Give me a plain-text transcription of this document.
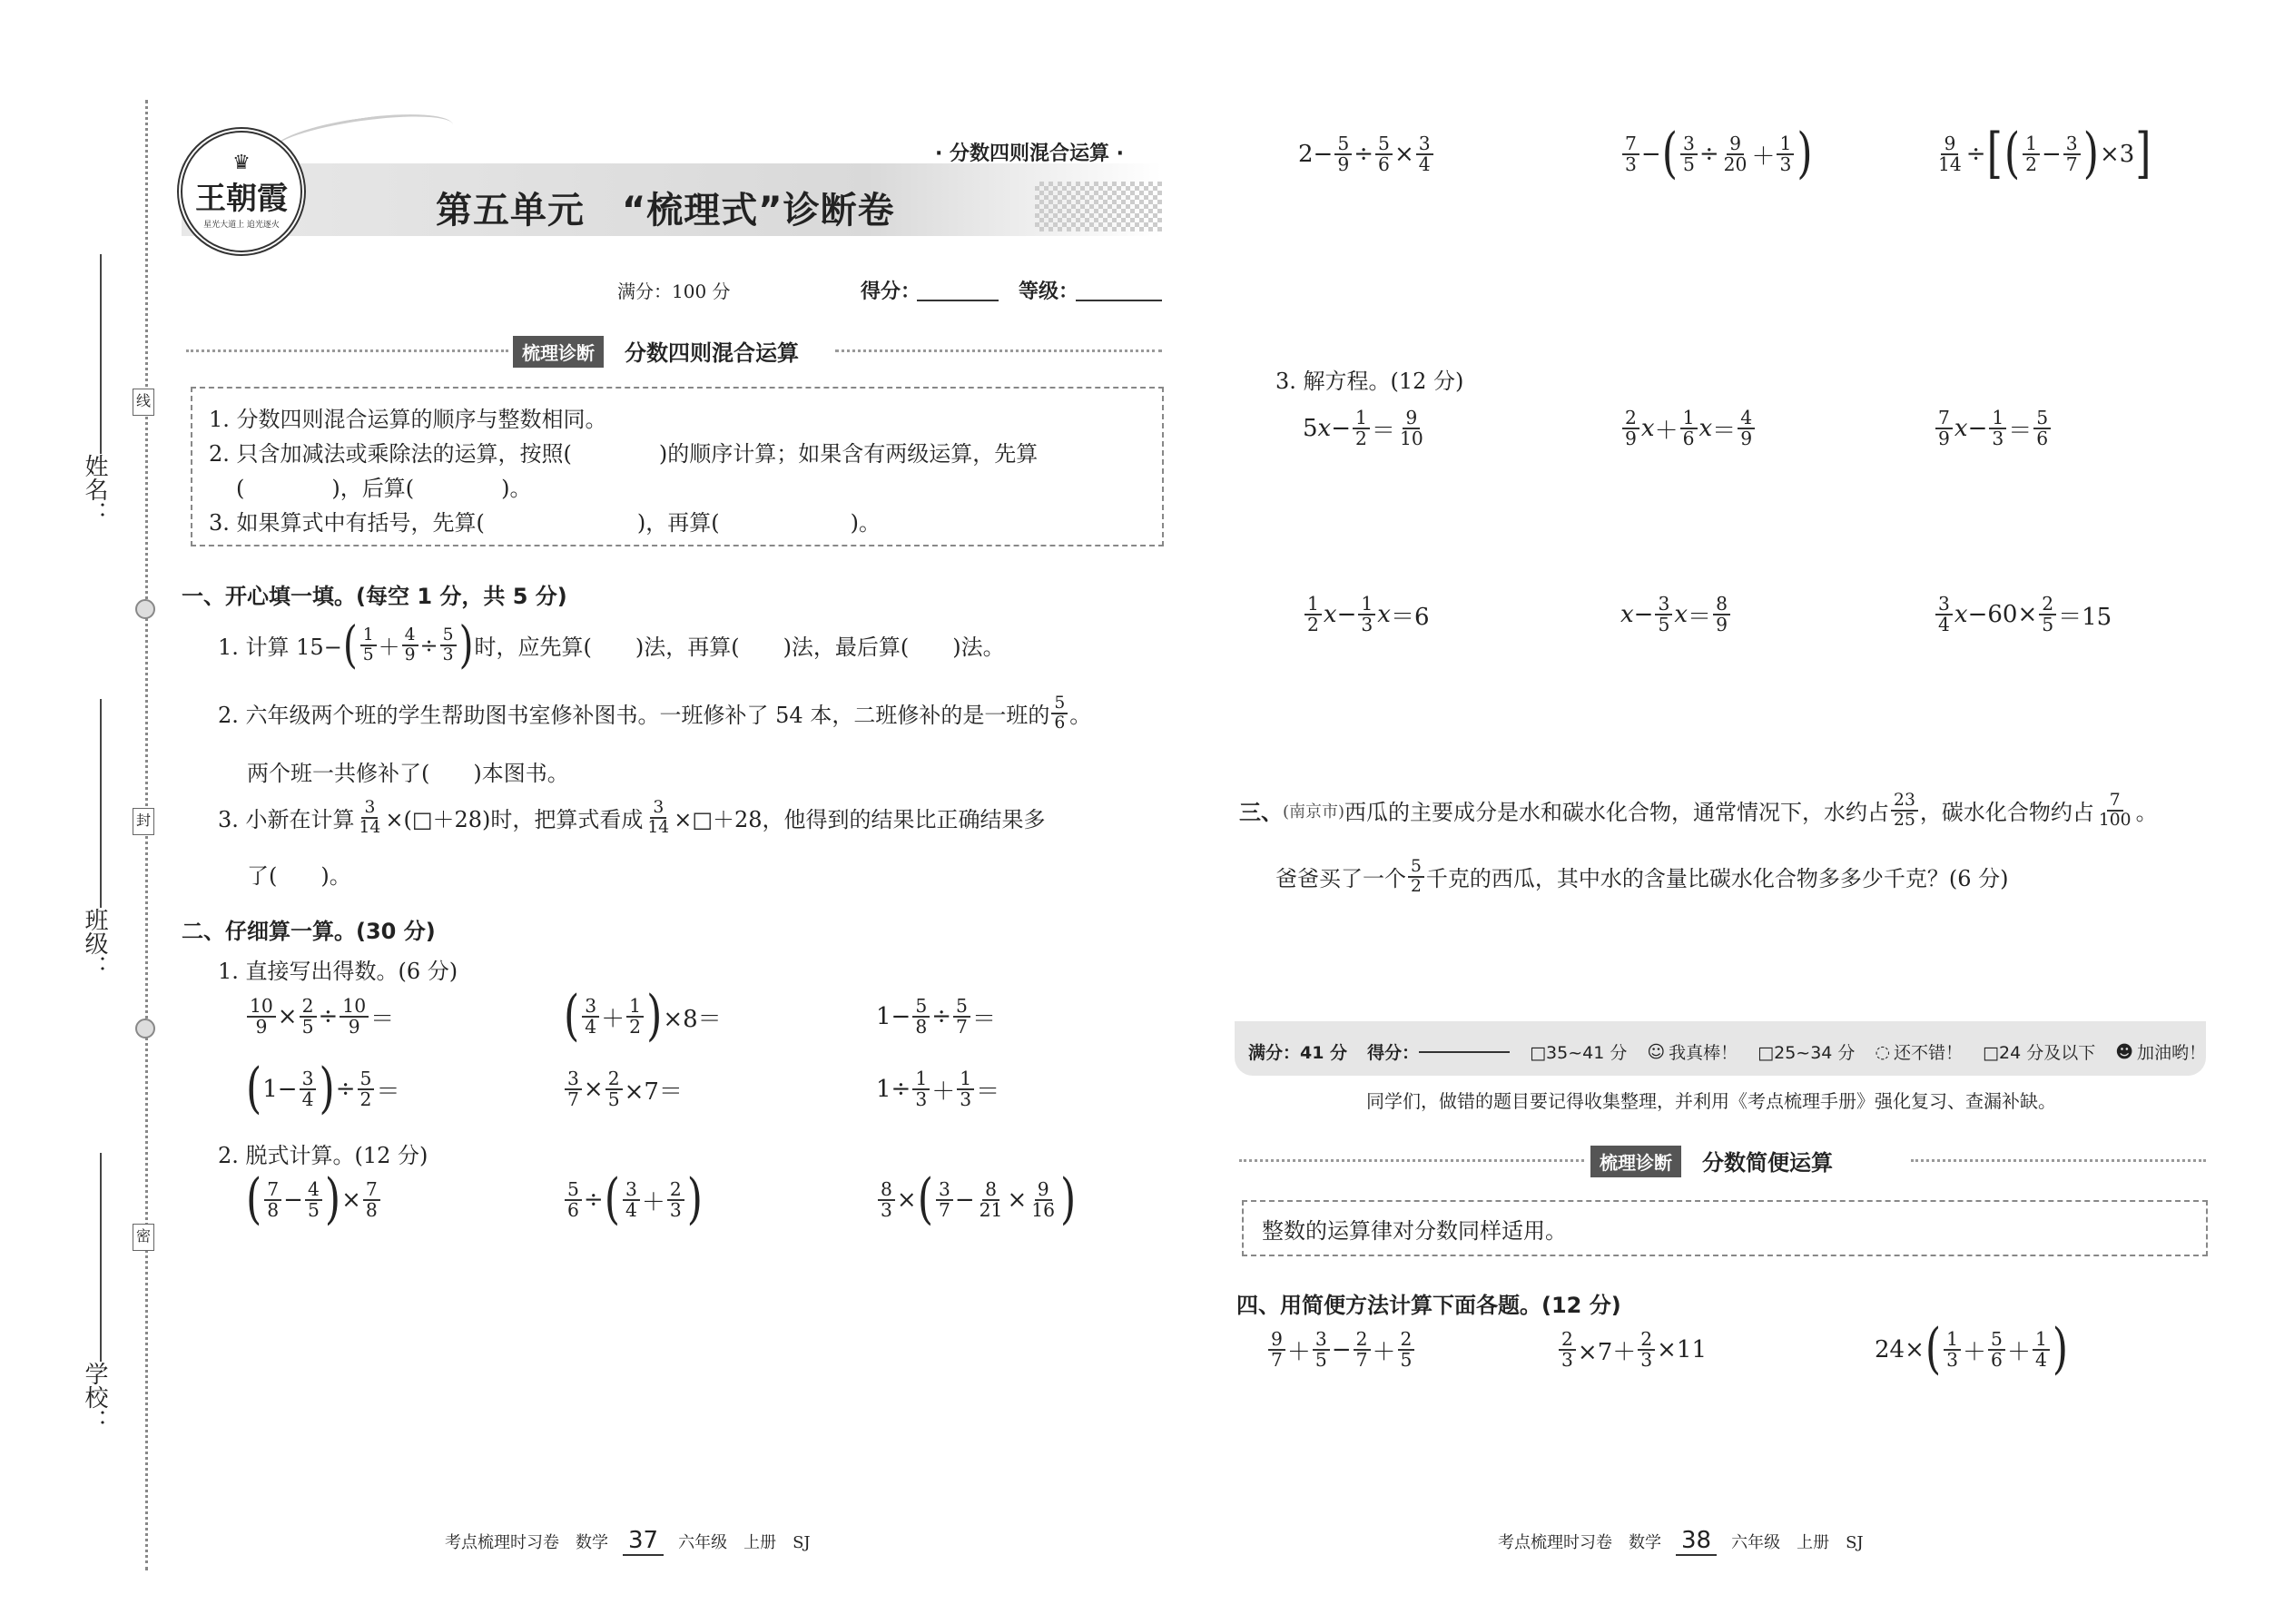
姓名：
班级：
学校：
线
封
密
♛
王朝霞
星光大道上 追光逐火
· 分数四则混合运算 ·
第五单元　“梳理式”诊断卷
满分：100 分	得分：	等级：
梳理诊断	分数四则混合运算
1. 分数四则混合运算的顺序与整数相同。
2. 只含加减法或乘除法的运算，按照(　　　　)的顺序计算；如果含有两级运算，先算
(　　　　)，后算(　　　　)。
3. 如果算式中有括号，先算(　　　　　　　)，再算(　　　　　　)。
一、开心填一填。(每空 1 分，共 5 分)
1. 计算 15− ( $\frac{1}{5} + \frac{4}{9} \div \frac{5}{3}$ ) 时，应先算(　　)法，再算(　　)法，最后算(　　)法。
2. 六年级两个班的学生帮助图书室修补图书。一班修补了 54 本，二班修补的是一班的 $\frac{5}{6}$ 。
两个班一共修补了(　　)本图书。
3. 小新在计算 $\frac{3}{14}$ ×(□＋28)时，把算式看成 $\frac{3}{14}$ ×□＋28，他得到的结果比正确结果多
了(　　)。
二、仔细算一算。(30 分)
1. 直接写出得数。(6 分)
$\frac{10}{9} \times \frac{2}{5} \div \frac{10}{9}$ ＝	( $\frac{3}{4} + \frac{1}{2}$ ) ×8＝	$1- \frac{5}{8} \div \frac{5}{7}$ ＝
( $1- \frac{3}{4}$ ) ÷ $\frac{5}{2}$ ＝	$\frac{3}{7} \times \frac{2}{5} \times 7=$	$1\div \frac{1}{3} + \frac{1}{3}$ ＝
2. 脱式计算。(12 分)
( $\frac{7}{8} - \frac{4}{5}$ ) × $\frac{7}{8}$	$\frac{5}{6}$ ÷ ( $\frac{3}{4} + \frac{2}{3}$ )	$\frac{8}{3}$ × ( $\frac{3}{7} - \frac{8}{21} \times \frac{9}{16}$ )
考点梳理时习卷　数学 37	六年级　上册　SJ
$2- \frac{5}{9} \div \frac{5}{6} \times \frac{3}{4}$	$\frac{7}{3}$ − ( $\frac{3}{5} \div \frac{9}{20} + \frac{1}{3}$ )	$\frac{9}{14}$ ÷ [ ( $\frac{1}{2} - \frac{3}{7}$ ) ×3 ]
3. 解方程。(12 分)
5 $x - \frac{1}{2} = \frac{9}{10}$	$\frac{2}{9}$ $x + \frac{1}{6}$ $x = \frac{4}{9}$	$\frac{7}{9}$ $x - \frac{1}{3} = \frac{5}{6}$
$\frac{1}{2}$ $x - \frac{1}{3}$ x ＝6	$x - \frac{3}{5}$ $x = \frac{8}{9}$	$\frac{3}{4}$ $x -60\times \frac{2}{5} =15$
三、 (南京市) 西瓜的主要成分是水和碳水化合物，通常情况下，水约占 $\frac{23}{25}$ ，碳水化合物约占 $\frac{7}{100}$ 。
爸爸买了一个 $\frac{5}{2}$ 千克的西瓜，其中水的含量比碳水化合物多多少千克？(6 分)
满分：41 分 得分：	□35~41 分 ☺ 我真棒！ □25~34 分 ◌ 还不错！ □24 分及以下 ☻ 加油哟！
同学们，做错的题目要记得收集整理，并利用《考点梳理手册》强化复习、查漏补缺。
梳理诊断	分数简便运算
整数的运算律对分数同样适用。
四、用简便方法计算下面各题。(12 分)
$\frac{9}{7} + \frac{3}{5} - \frac{2}{7} + \frac{2}{5}$	$\frac{2}{3} \times 7+ \frac{2}{3} \times 11$	24× ( $\frac{1}{3} + \frac{5}{6} + \frac{1}{4}$ )
考点梳理时习卷　数学 38	六年级　上册　SJ
